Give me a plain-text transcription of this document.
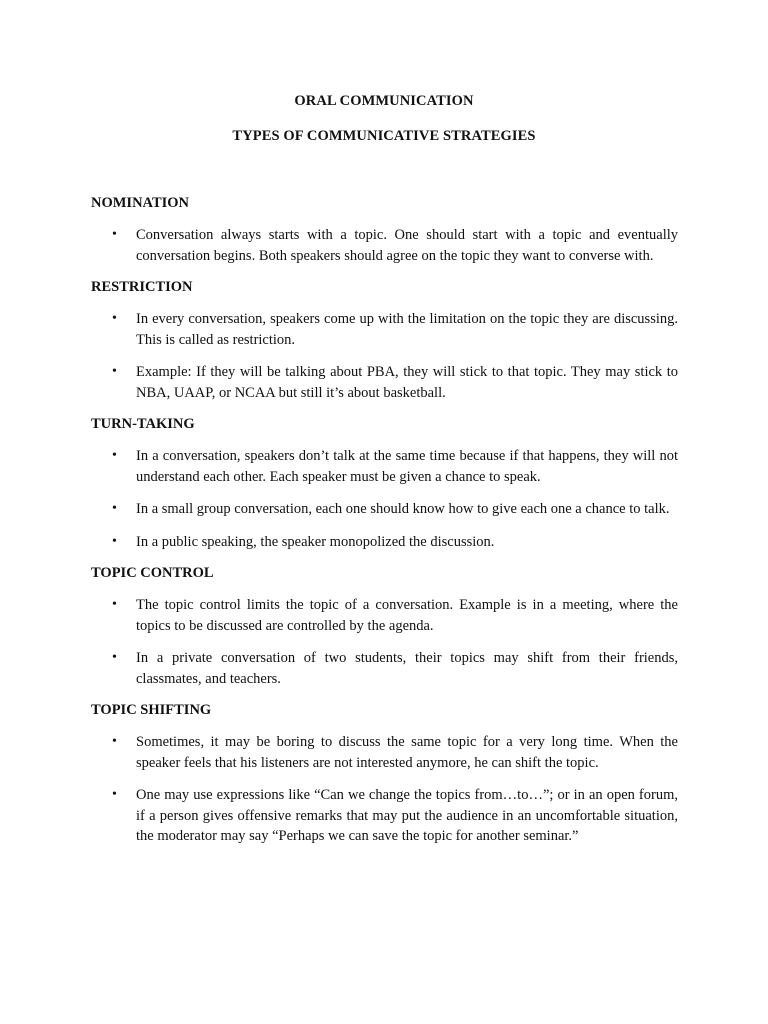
ORAL COMMUNICATION
TYPES OF COMMUNICATIVE STRATEGIES
NOMINATION
• Conversation always starts with a topic. One should start with a topic and eventually conversation begins. Both speakers should agree on the topic they want to converse with.
RESTRICTION
• In every conversation, speakers come up with the limitation on the topic they are discussing. This is called as restriction.
• Example: If they will be talking about PBA, they will stick to that topic. They may stick to NBA, UAAP, or NCAA but still it’s about basketball.
TURN-TAKING
• In a conversation, speakers don’t talk at the same time because if that happens, they will not understand each other. Each speaker must be given a chance to speak.
• In a small group conversation, each one should know how to give each one a chance to talk.
• In a public speaking, the speaker monopolized the discussion.
TOPIC CONTROL
• The topic control limits the topic of a conversation. Example is in a meeting, where the topics to be discussed are controlled by the agenda.
• In a private conversation of two students, their topics may shift from their friends, classmates, and teachers.
TOPIC SHIFTING
• Sometimes, it may be boring to discuss the same topic for a very long time. When the speaker feels that his listeners are not interested anymore, he can shift the topic.
• One may use expressions like “Can we change the topics from…to…”; or in an open forum, if a person gives offensive remarks that may put the audience in an uncomfortable situation, the moderator may say “Perhaps we can save the topic for another seminar.”
